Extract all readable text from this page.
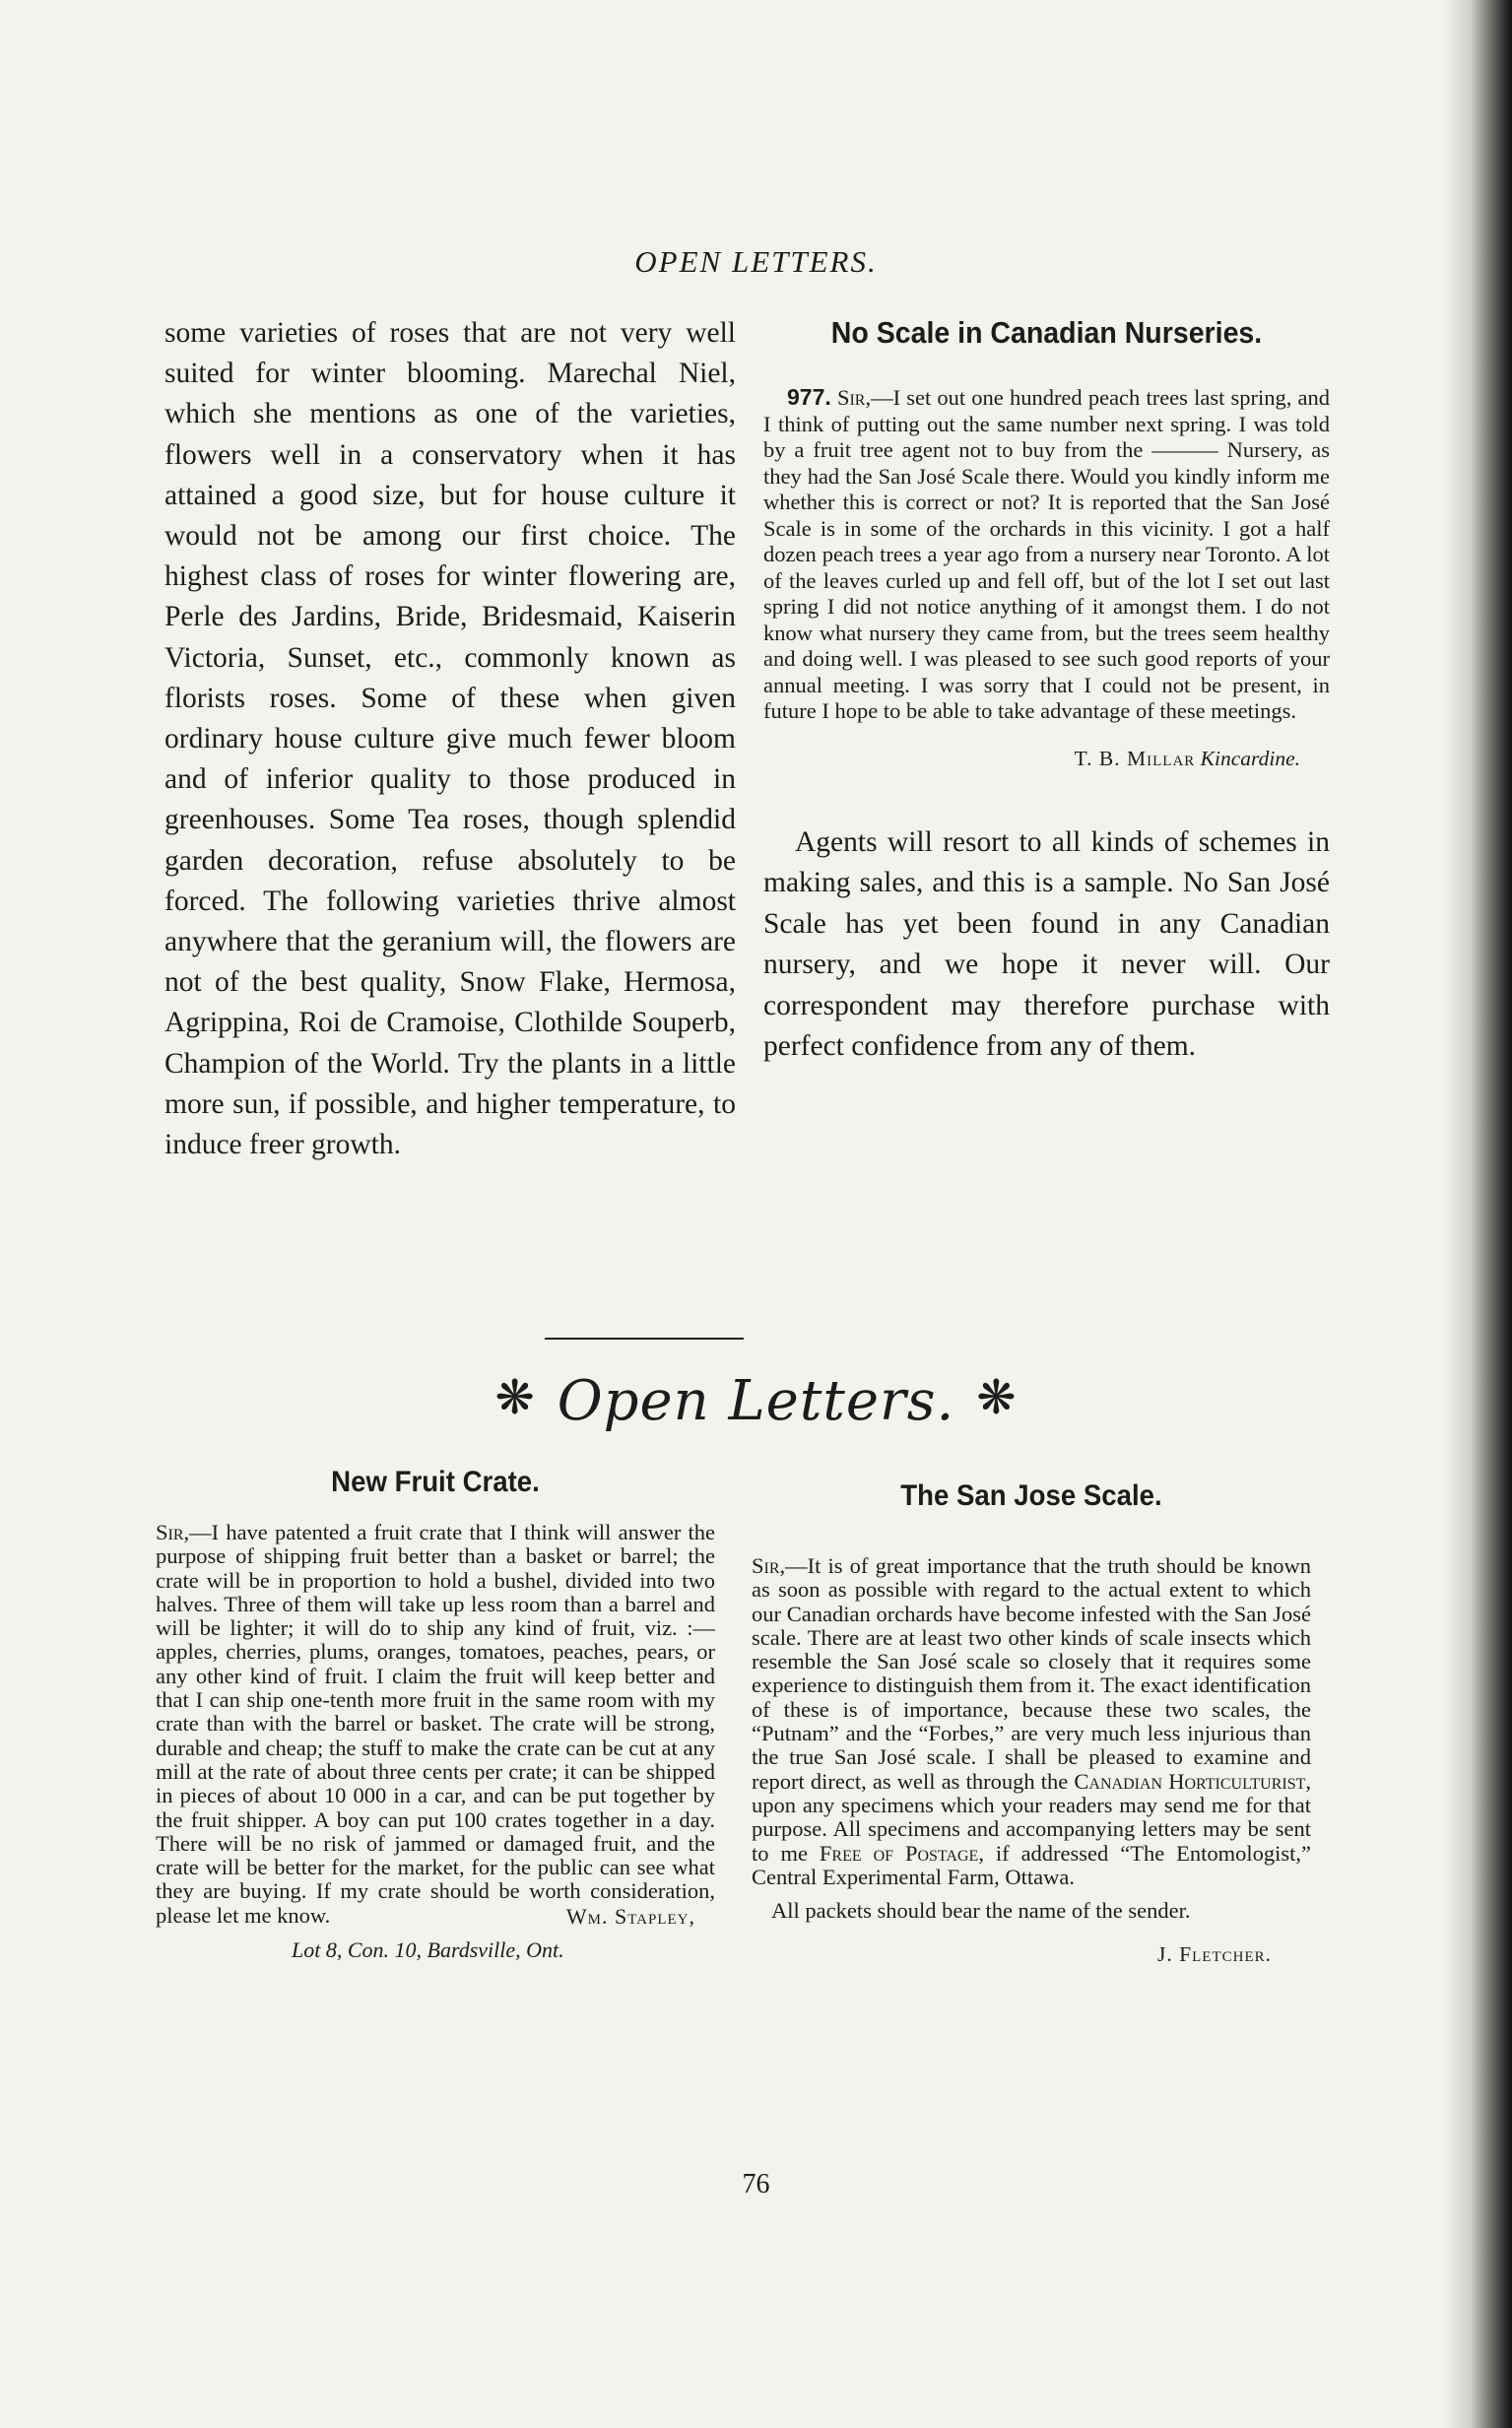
OPEN LETTERS.

some varieties of roses that are not very well suited for winter blooming. Marechal Niel, which she mentions as one of the varieties, flowers well in a conservatory when it has attained a good size, but for house culture it would not be among our first choice. The highest class of roses for winter flowering are, Perle des Jardins, Bride, Bridesmaid, Kaiserin Victoria, Sunset, etc., commonly known as florists roses. Some of these when given ordinary house culture give much fewer bloom and of inferior quality to those produced in greenhouses. Some Tea roses, though splendid garden decoration, refuse absolutely to be forced. The following varieties thrive almost anywhere that the geranium will, the flowers are not of the best quality, Snow Flake, Hermosa, Agrippina, Roi de Cramoise, Clothilde Souperb, Champion of the World. Try the plants in a little more sun, if possible, and higher temperature, to induce freer growth.

No Scale in Canadian Nurseries.

977. Sir,—I set out one hundred peach trees last spring, and I think of putting out the same number next spring. I was told by a fruit tree agent not to buy from the ——— Nursery, as they had the San José Scale there. Would you kindly inform me whether this is correct or not? It is reported that the San José Scale is in some of the orchards in this vicinity. I got a half dozen peach trees a year ago from a nursery near Toronto. A lot of the leaves curled up and fell off, but of the lot I set out last spring I did not notice anything of it amongst them. I do not know what nursery they came from, but the trees seem healthy and doing well. I was pleased to see such good reports of your annual meeting. I was sorry that I could not be present, in future I hope to be able to take advantage of these meetings.

T. B. Millar Kincardine.

Agents will resort to all kinds of schemes in making sales, and this is a sample. No San José Scale has yet been found in any Canadian nursery, and we hope it never will. Our correspondent may therefore purchase with perfect confidence from any of them.

❋ Open Letters. ❋
New Fruit Crate.

Sir,—I have patented a fruit crate that I think will answer the purpose of shipping fruit better than a basket or barrel; the crate will be in proportion to hold a bushel, divided into two halves. Three of them will take up less room than a barrel and will be lighter; it will do to ship any kind of fruit, viz. :—apples, cherries, plums, oranges, tomatoes, peaches, pears, or any other kind of fruit. I claim the fruit will keep better and that I can ship one-tenth more fruit in the same room with my crate than with the barrel or basket. The crate will be strong, durable and cheap; the stuff to make the crate can be cut at any mill at the rate of about three cents per crate; it can be shipped in pieces of about 10 000 in a car, and can be put together by the fruit shipper. A boy can put 100 crates together in a day. There will be no risk of jammed or damaged fruit, and the crate will be better for the market, for the public can see what they are buying. If my crate should be worth consideration, please let me know.	Wm. Stapley,
Lot 8, Con. 10, Bardsville, Ont.
The San Jose Scale.

Sir,—It is of great importance that the truth should be known as soon as possible with regard to the actual extent to which our Canadian orchards have become infested with the San José scale. There are at least two other kinds of scale insects which resemble the San José scale so closely that it requires some experience to distinguish them from it. The exact identification of these is of importance, because these two scales, the “Putnam” and the “Forbes,” are very much less injurious than the true San José scale. I shall be pleased to examine and report direct, as well as through the Canadian Horticulturist, upon any specimens which your readers may send me for that purpose. All specimens and accompanying letters may be sent to me Free of Postage, if addressed “The Entomologist,” Central Experimental Farm, Ottawa.

All packets should bear the name of the sender.

J. Fletcher.
76
